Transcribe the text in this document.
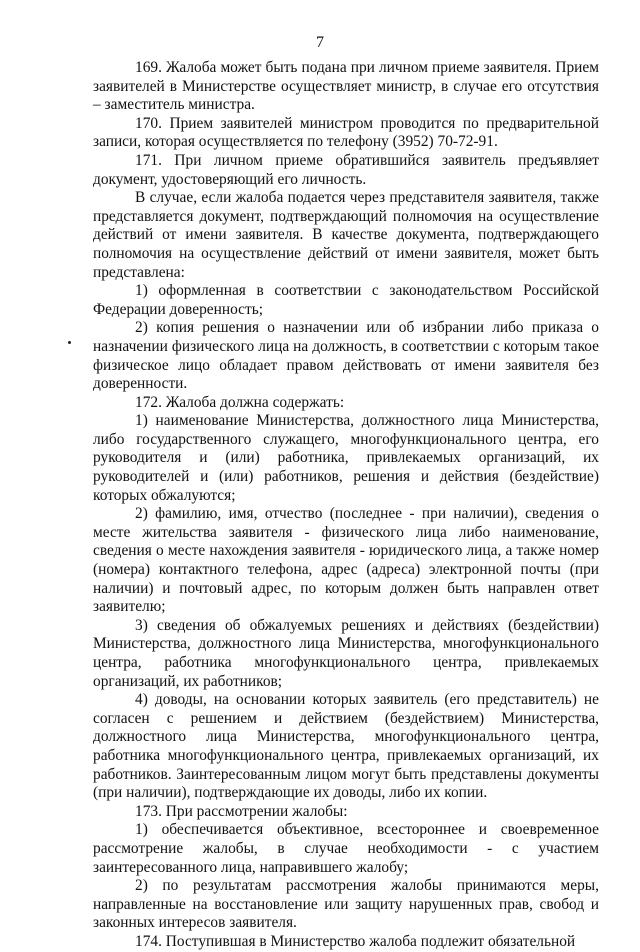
7

169. Жалоба может быть подана при личном приеме заявителя. Прием заявителей в Министерстве осуществляет министр, в случае его отсутствия – заместитель министра.

170. Прием заявителей министром проводится по предварительной записи, которая осуществляется по телефону (3952) 70-72-91.

171. При личном приеме обратившийся заявитель предъявляет документ, удостоверяющий его личность.

В случае, если жалоба подается через представителя заявителя, также представляется документ, подтверждающий полномочия на осуществление действий от имени заявителя. В качестве документа, подтверждающего полномочия на осуществление действий от имени заявителя, может быть представлена:

1) оформленная в соответствии с законодательством Российской Федерации доверенность;

2) копия решения о назначении или об избрании либо приказа о назначении физического лица на должность, в соответствии с которым такое физическое лицо обладает правом действовать от имени заявителя без доверенности.

172. Жалоба должна содержать:

1) наименование Министерства, должностного лица Министерства, либо государственного служащего, многофункционального центра, его руководителя и (или) работника, привлекаемых организаций, их руководителей и (или) работников, решения и действия (бездействие) которых обжалуются;

2) фамилию, имя, отчество (последнее - при наличии), сведения о месте жительства заявителя - физического лица либо наименование, сведения о месте нахождения заявителя - юридического лица, а также номер (номера) контактного телефона, адрес (адреса) электронной почты (при наличии) и почтовый адрес, по которым должен быть направлен ответ заявителю;

3) сведения об обжалуемых решениях и действиях (бездействии) Министерства, должностного лица Министерства, многофункционального центра, работника многофункционального центра, привлекаемых организаций, их работников;

4) доводы, на основании которых заявитель (его представитель) не согласен с решением и действием (бездействием) Министерства, должностного лица Министерства, многофункционального центра, работника многофункционального центра, привлекаемых организаций, их работников. Заинтересованным лицом могут быть представлены документы (при наличии), подтверждающие их доводы, либо их копии.

173. При рассмотрении жалобы:

1) обеспечивается объективное, всестороннее и своевременное рассмотрение жалобы, в случае необходимости - с участием заинтересованного лица, направившего жалобу;

2) по результатам рассмотрения жалобы принимаются меры, направленные на восстановление или защиту нарушенных прав, свобод и законных интересов заявителя.

174. Поступившая в Министерство жалоба подлежит обязательной
